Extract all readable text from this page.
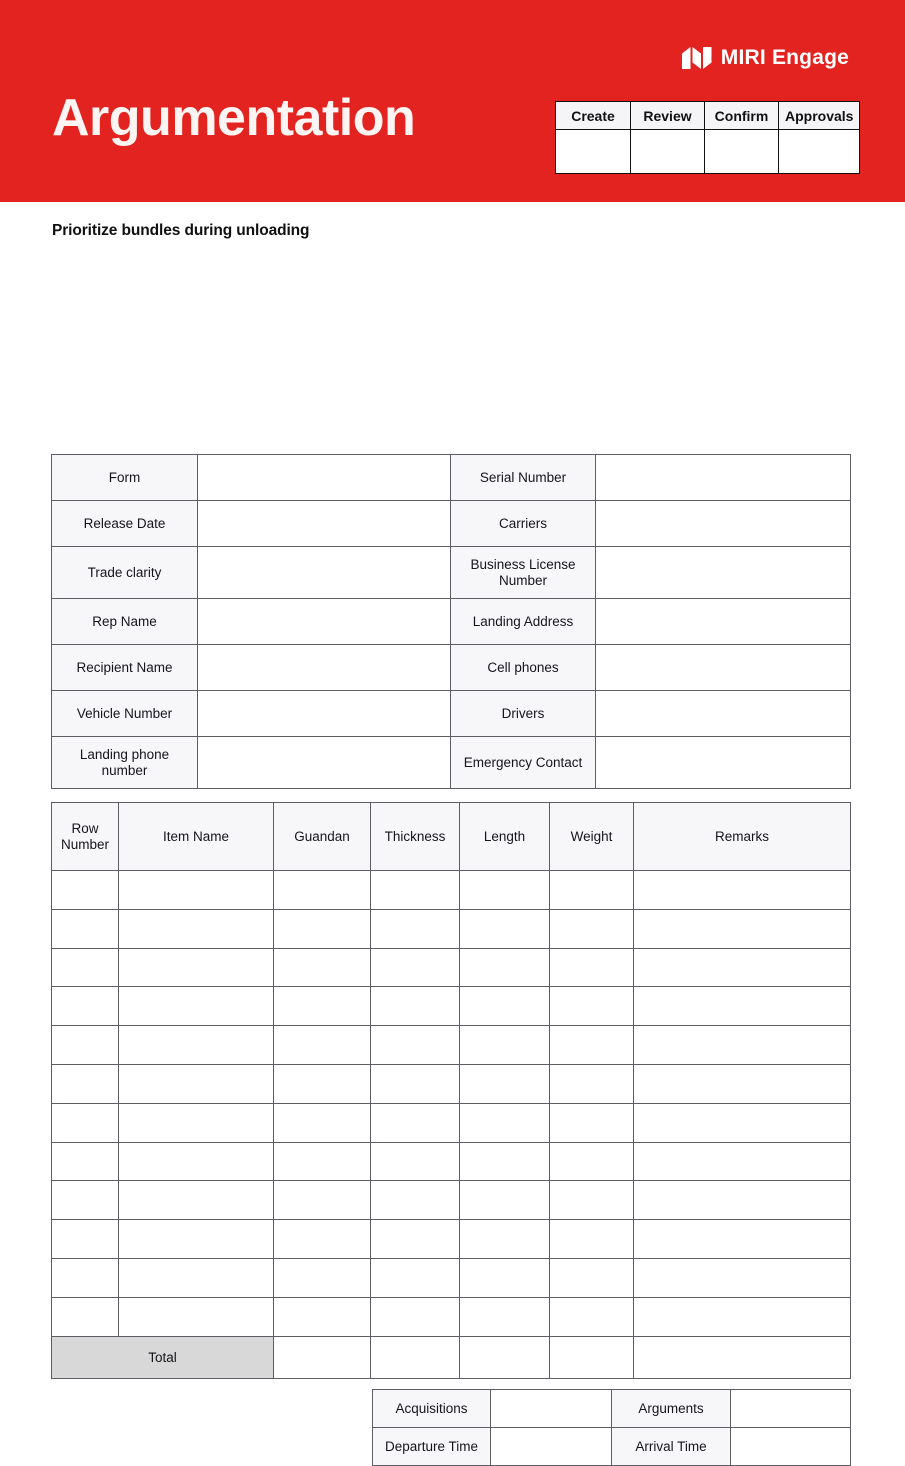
MIRI Engage
Argumentation	Create	Review	Confirm	Approvals

Prioritize bundles during unloading
Form		Serial Number	
Release Date		Carriers	
Trade clarity		Business License Number	
Rep Name		Landing Address	
Recipient Name		Cell phones	
Vehicle Number		Drivers	
Landing phone number		Emergency Contact	
Row Number	Item Name	Guandan	Thickness	Length	Weight	Remarks

Total						
Acquisitions		Arguments	
Departure Time		Arrival Time	
